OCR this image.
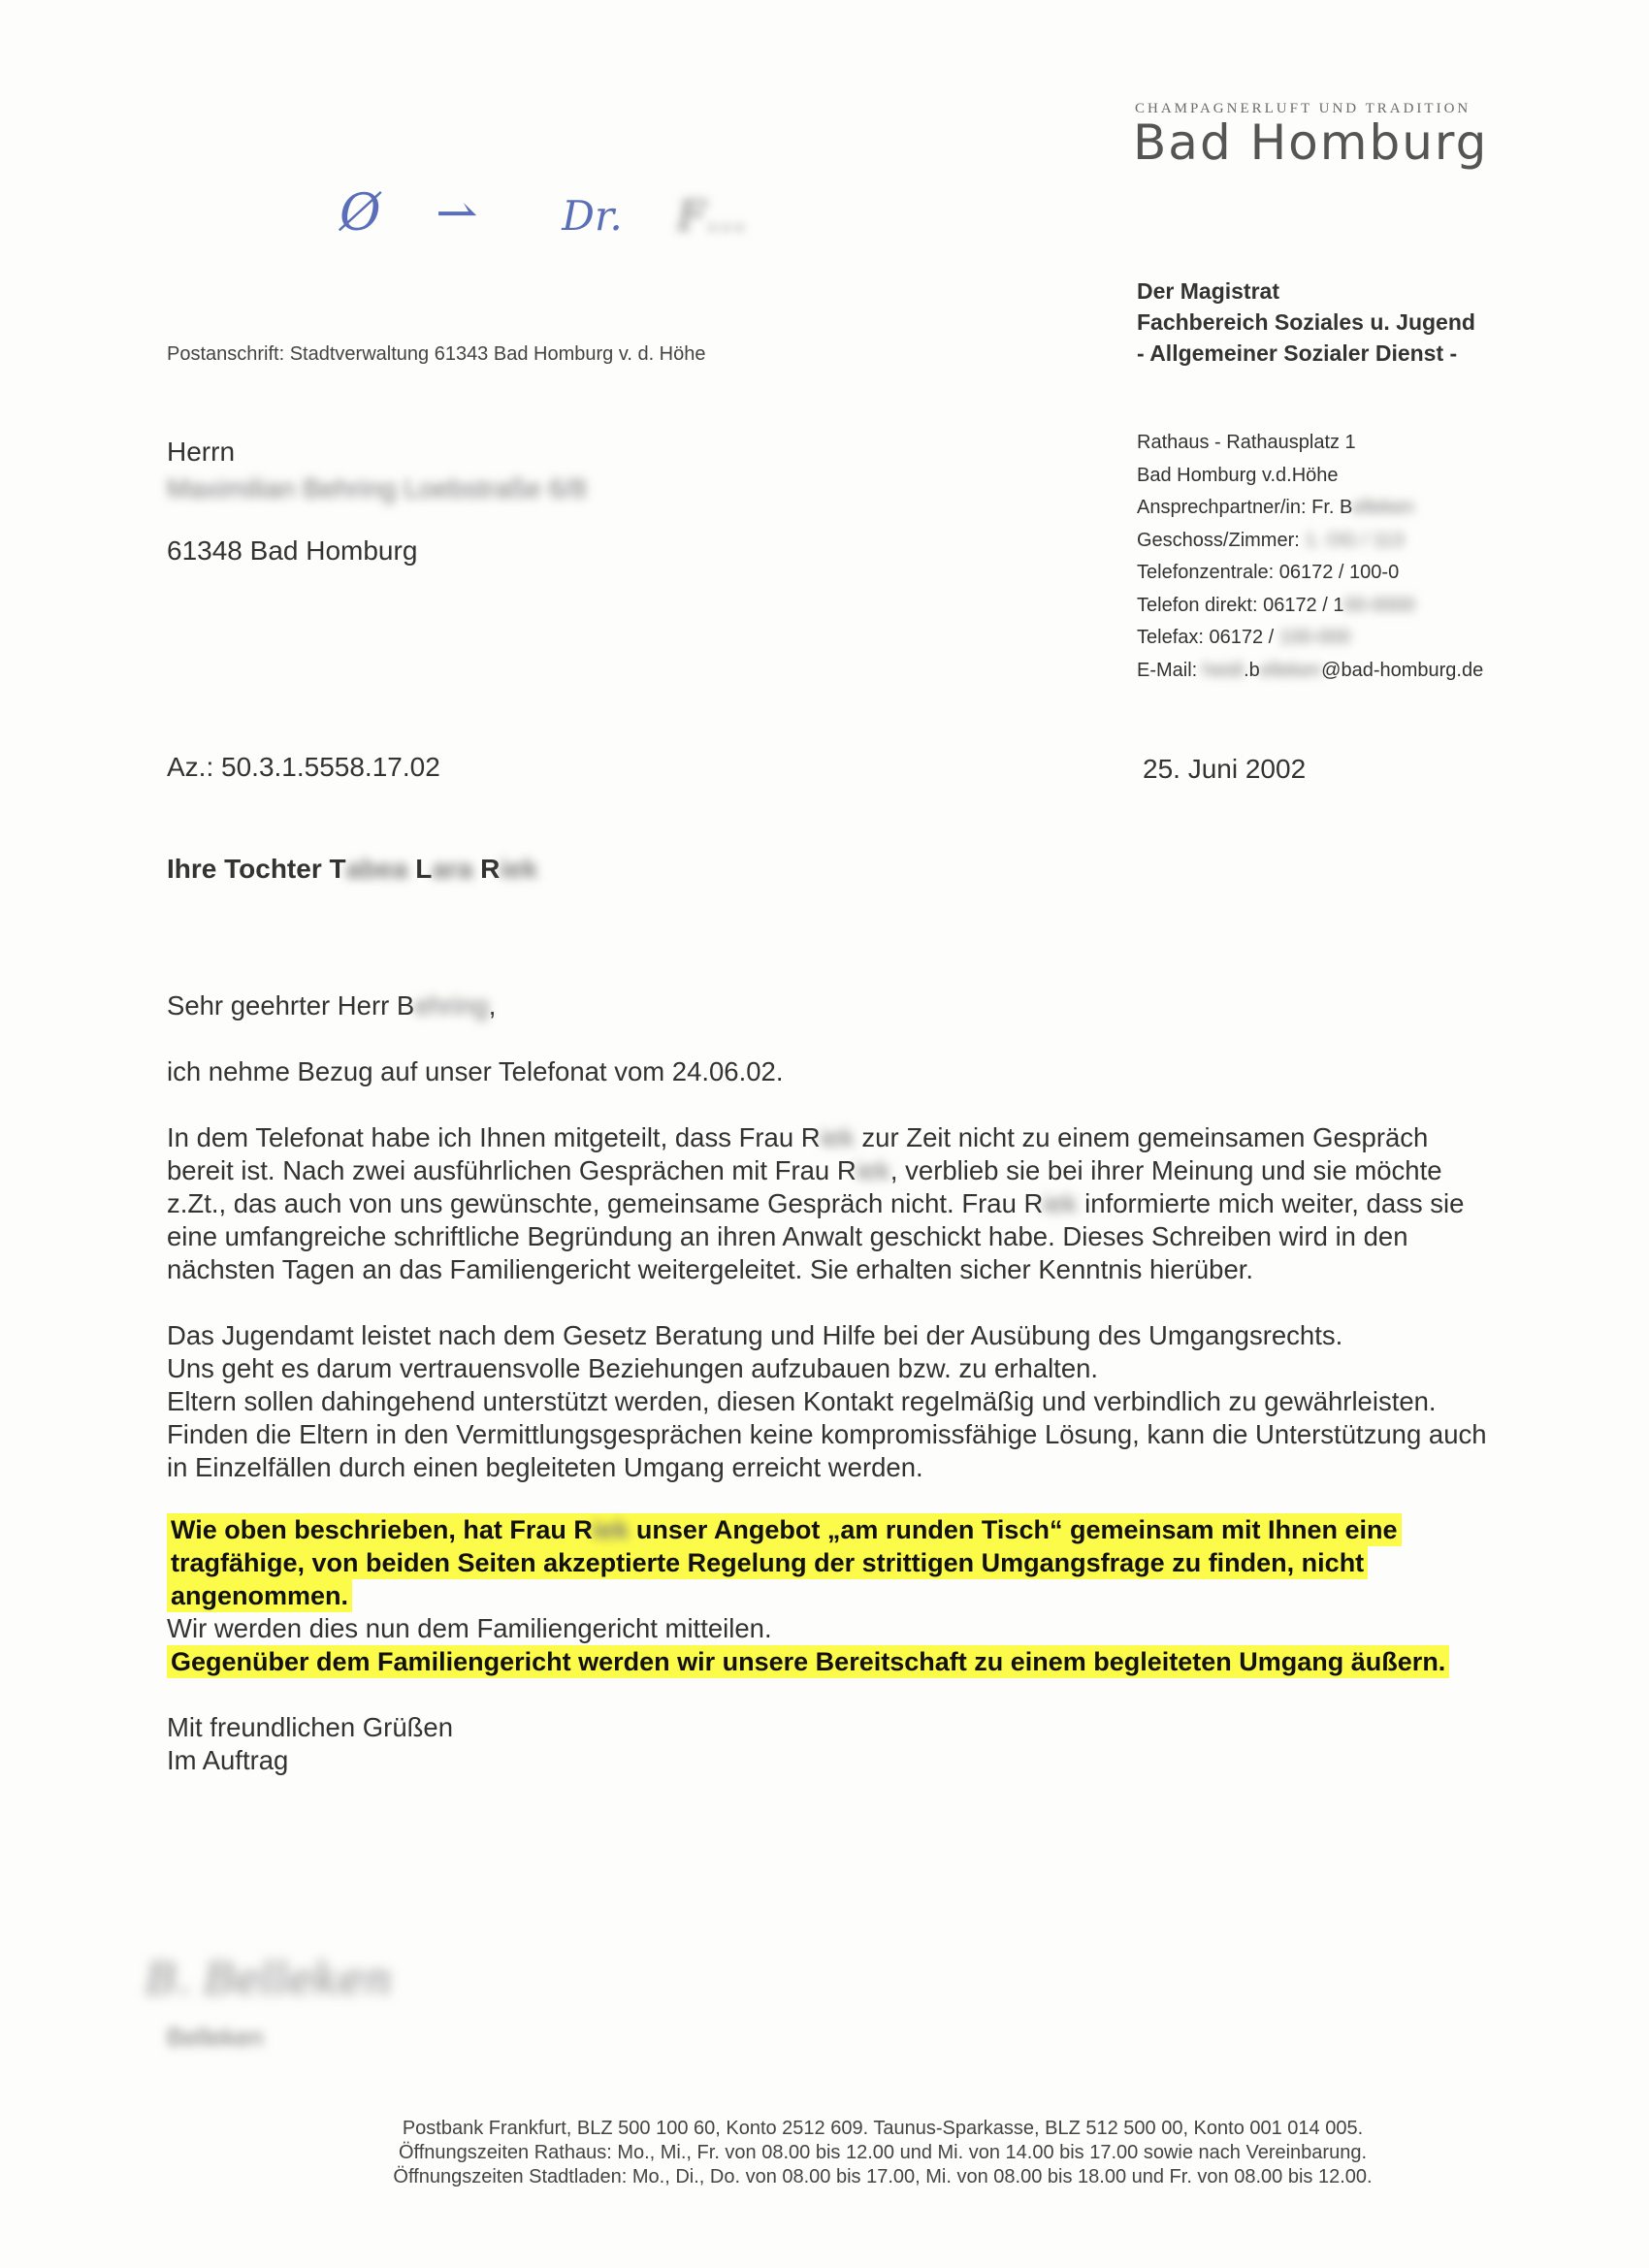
CHAMPAGNERLUFT UND TRADITION
Bad Homburg
Ø ⇀ Dr. F…
Der Magistrat
Fachbereich Soziales u. Jugend
- Allgemeiner Sozialer Dienst -
Postanschrift: Stadtverwaltung 61343 Bad Homburg v. d. Höhe
Herrn
Maximilian Behring Loebstraße 6/8
61348 Bad Homburg
Rathaus - Rathausplatz 1
Bad Homburg v.d.Höhe
Ansprechpartner/in: Fr. Belleken
Geschoss/Zimmer: 1. OG / 113
Telefonzentrale: 06172 / 100-0
Telefon direkt: 06172 / 100-0000
Telefax: 06172 / 100-000
E-Mail: heidi.belleken@bad-homburg.de
Az.: 50.3.1.5558.17.02	25. Juni 2002
Ihre Tochter Tabea Lara Riek

Sehr geehrter Herr Behring,

ich nehme Bezug auf unser Telefonat vom 24.06.02.

In dem Telefonat habe ich Ihnen mitgeteilt, dass Frau Riek zur Zeit nicht zu einem gemeinsamen Gespräch bereit ist. Nach zwei ausführlichen Gesprächen mit Frau Riek, verblieb sie bei ihrer Meinung und sie möchte z.Zt., das auch von uns gewünschte, gemeinsame Gespräch nicht. Frau Riek informierte mich weiter, dass sie eine umfangreiche schriftliche Begründung an ihren Anwalt geschickt habe. Dieses Schreiben wird in den nächsten Tagen an das Familiengericht weitergeleitet. Sie erhalten sicher Kenntnis hierüber.

Das Jugendamt leistet nach dem Gesetz Beratung und Hilfe bei der Ausübung des Umgangsrechts.
Uns geht es darum vertrauensvolle Beziehungen aufzubauen bzw. zu erhalten.
Eltern sollen dahingehend unterstützt werden, diesen Kontakt regelmäßig und verbindlich zu gewährleisten.
Finden die Eltern in den Vermittlungsgesprächen keine kompromissfähige Lösung, kann die Unterstützung auch in Einzelfällen durch einen begleiteten Umgang erreicht werden.

Wie oben beschrieben, hat Frau Riek unser Angebot „am runden Tisch“ gemeinsam mit Ihnen eine tragfähige, von beiden Seiten akzeptierte Regelung der strittigen Umgangsfrage zu finden, nicht angenommen.
Wir werden dies nun dem Familiengericht mitteilen.
Gegenüber dem Familiengericht werden wir unsere Bereitschaft zu einem begleiteten Umgang äußern.
Mit freundlichen Grüßen
Im Auftrag
B. Belleken
Belleken
Postbank Frankfurt, BLZ 500 100 60, Konto 2512 609. Taunus-Sparkasse, BLZ 512 500 00, Konto 001 014 005.
Öffnungszeiten Rathaus: Mo., Mi., Fr. von 08.00 bis 12.00 und Mi. von 14.00 bis 17.00 sowie nach Vereinbarung.
Öffnungszeiten Stadtladen: Mo., Di., Do. von 08.00 bis 17.00, Mi. von 08.00 bis 18.00 und Fr. von 08.00 bis 12.00.
